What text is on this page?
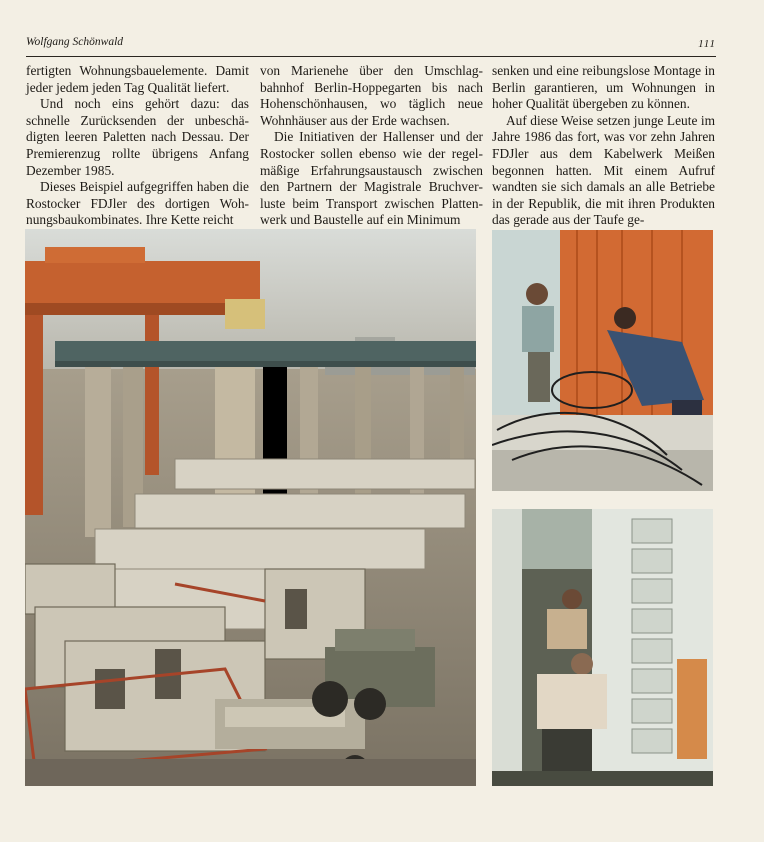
Wolfgang Schönwald	111

fertigten Wohnungsbauelemente. Damit jeder jedem jeden Tag Qualität liefert.

Und noch eins gehört dazu: das schnelle Zurücksenden der unbeschädigten leeren Paletten nach Dessau. Der Premierenzug rollte übrigens Anfang Dezember 1985.

Dieses Beispiel aufgegriffen haben die Rostocker FDJler des dortigen Wohnungsbaukombinates. Ihre Kette reicht

von Marienehe über den Umschlagbahnhof Berlin-Hoppegarten bis nach Hohenschönhausen, wo täglich neue Wohnhäuser aus der Erde wachsen.

Die Initiativen der Hallenser und der Rostocker sollen ebenso wie der regelmäßige Erfahrungsaustausch zwischen den Partnern der Magistrale Bruchverluste beim Transport zwischen Plattenwerk und Baustelle auf ein Minimum

senken und eine reibungslose Montage in Berlin garantieren, um Wohnungen in hoher Qualität übergeben zu können.

Auf diese Weise setzen junge Leute im Jahre 1986 das fort, was vor zehn Jahren FDJler aus dem Kabelwerk Meißen begonnen hatten. Mit einem Aufruf wandten sie sich damals an alle Betriebe in der Republik, die mit ihren Produkten das gerade aus der Taufe ge-
